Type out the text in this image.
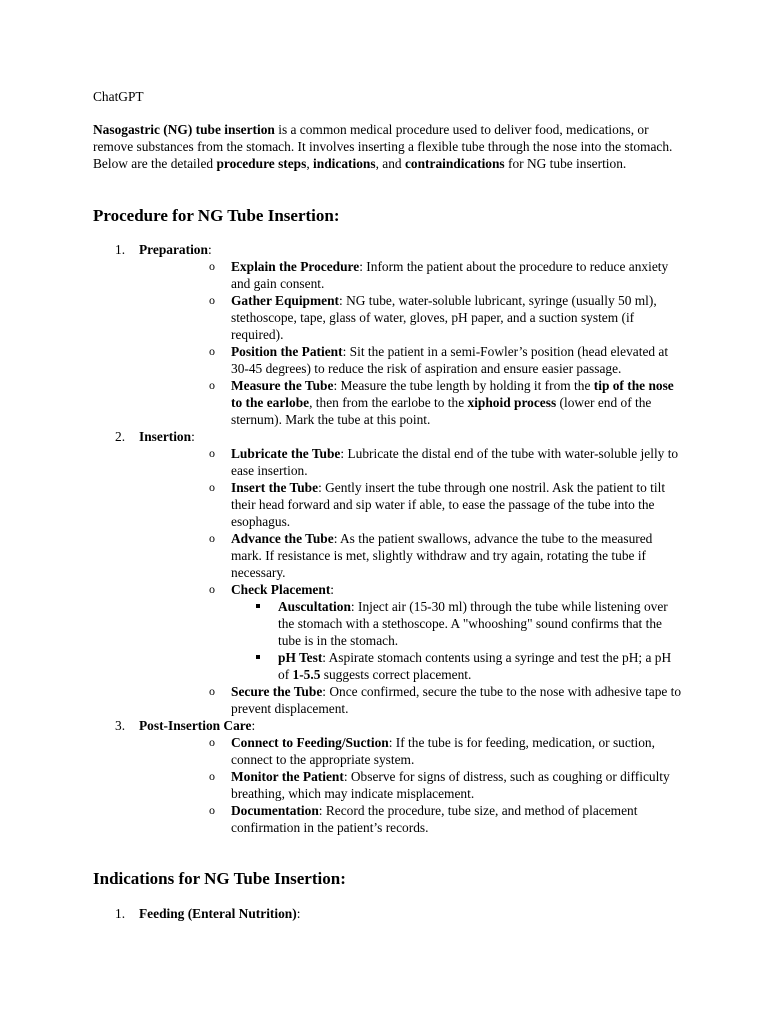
ChatGPT

Nasogastric (NG) tube insertion is a common medical procedure used to deliver food, medications, or remove substances from the stomach. It involves inserting a flexible tube through the nose into the stomach. Below are the detailed procedure steps, indications, and contraindications for NG tube insertion.

Procedure for NG Tube Insertion:
1. Preparation:
o Explain the Procedure: Inform the patient about the procedure to reduce anxiety and gain consent.
o Gather Equipment: NG tube, water-soluble lubricant, syringe (usually 50 ml), stethoscope, tape, glass of water, gloves, pH paper, and a suction system (if required).
o Position the Patient: Sit the patient in a semi-Fowler’s position (head elevated at 30-45 degrees) to reduce the risk of aspiration and ensure easier passage.
o Measure the Tube: Measure the tube length by holding it from the tip of the nose to the earlobe, then from the earlobe to the xiphoid process (lower end of the sternum). Mark the tube at this point.
2. Insertion:
o Lubricate the Tube: Lubricate the distal end of the tube with water-soluble jelly to ease insertion.
o Insert the Tube: Gently insert the tube through one nostril. Ask the patient to tilt their head forward and sip water if able, to ease the passage of the tube into the esophagus.
o Advance the Tube: As the patient swallows, advance the tube to the measured mark. If resistance is met, slightly withdraw and try again, rotating the tube if necessary.
o Check Placement:
Auscultation: Inject air (15-30 ml) through the tube while listening over the stomach with a stethoscope. A "whooshing" sound confirms that the tube is in the stomach.
pH Test: Aspirate stomach contents using a syringe and test the pH; a pH of 1-5.5 suggests correct placement.
o Secure the Tube: Once confirmed, secure the tube to the nose with adhesive tape to prevent displacement.
3. Post-Insertion Care:
o Connect to Feeding/Suction: If the tube is for feeding, medication, or suction, connect to the appropriate system.
o Monitor the Patient: Observe for signs of distress, such as coughing or difficulty breathing, which may indicate misplacement.
o Documentation: Record the procedure, tube size, and method of placement confirmation in the patient’s records.
Indications for NG Tube Insertion:
1. Feeding (Enteral Nutrition):
